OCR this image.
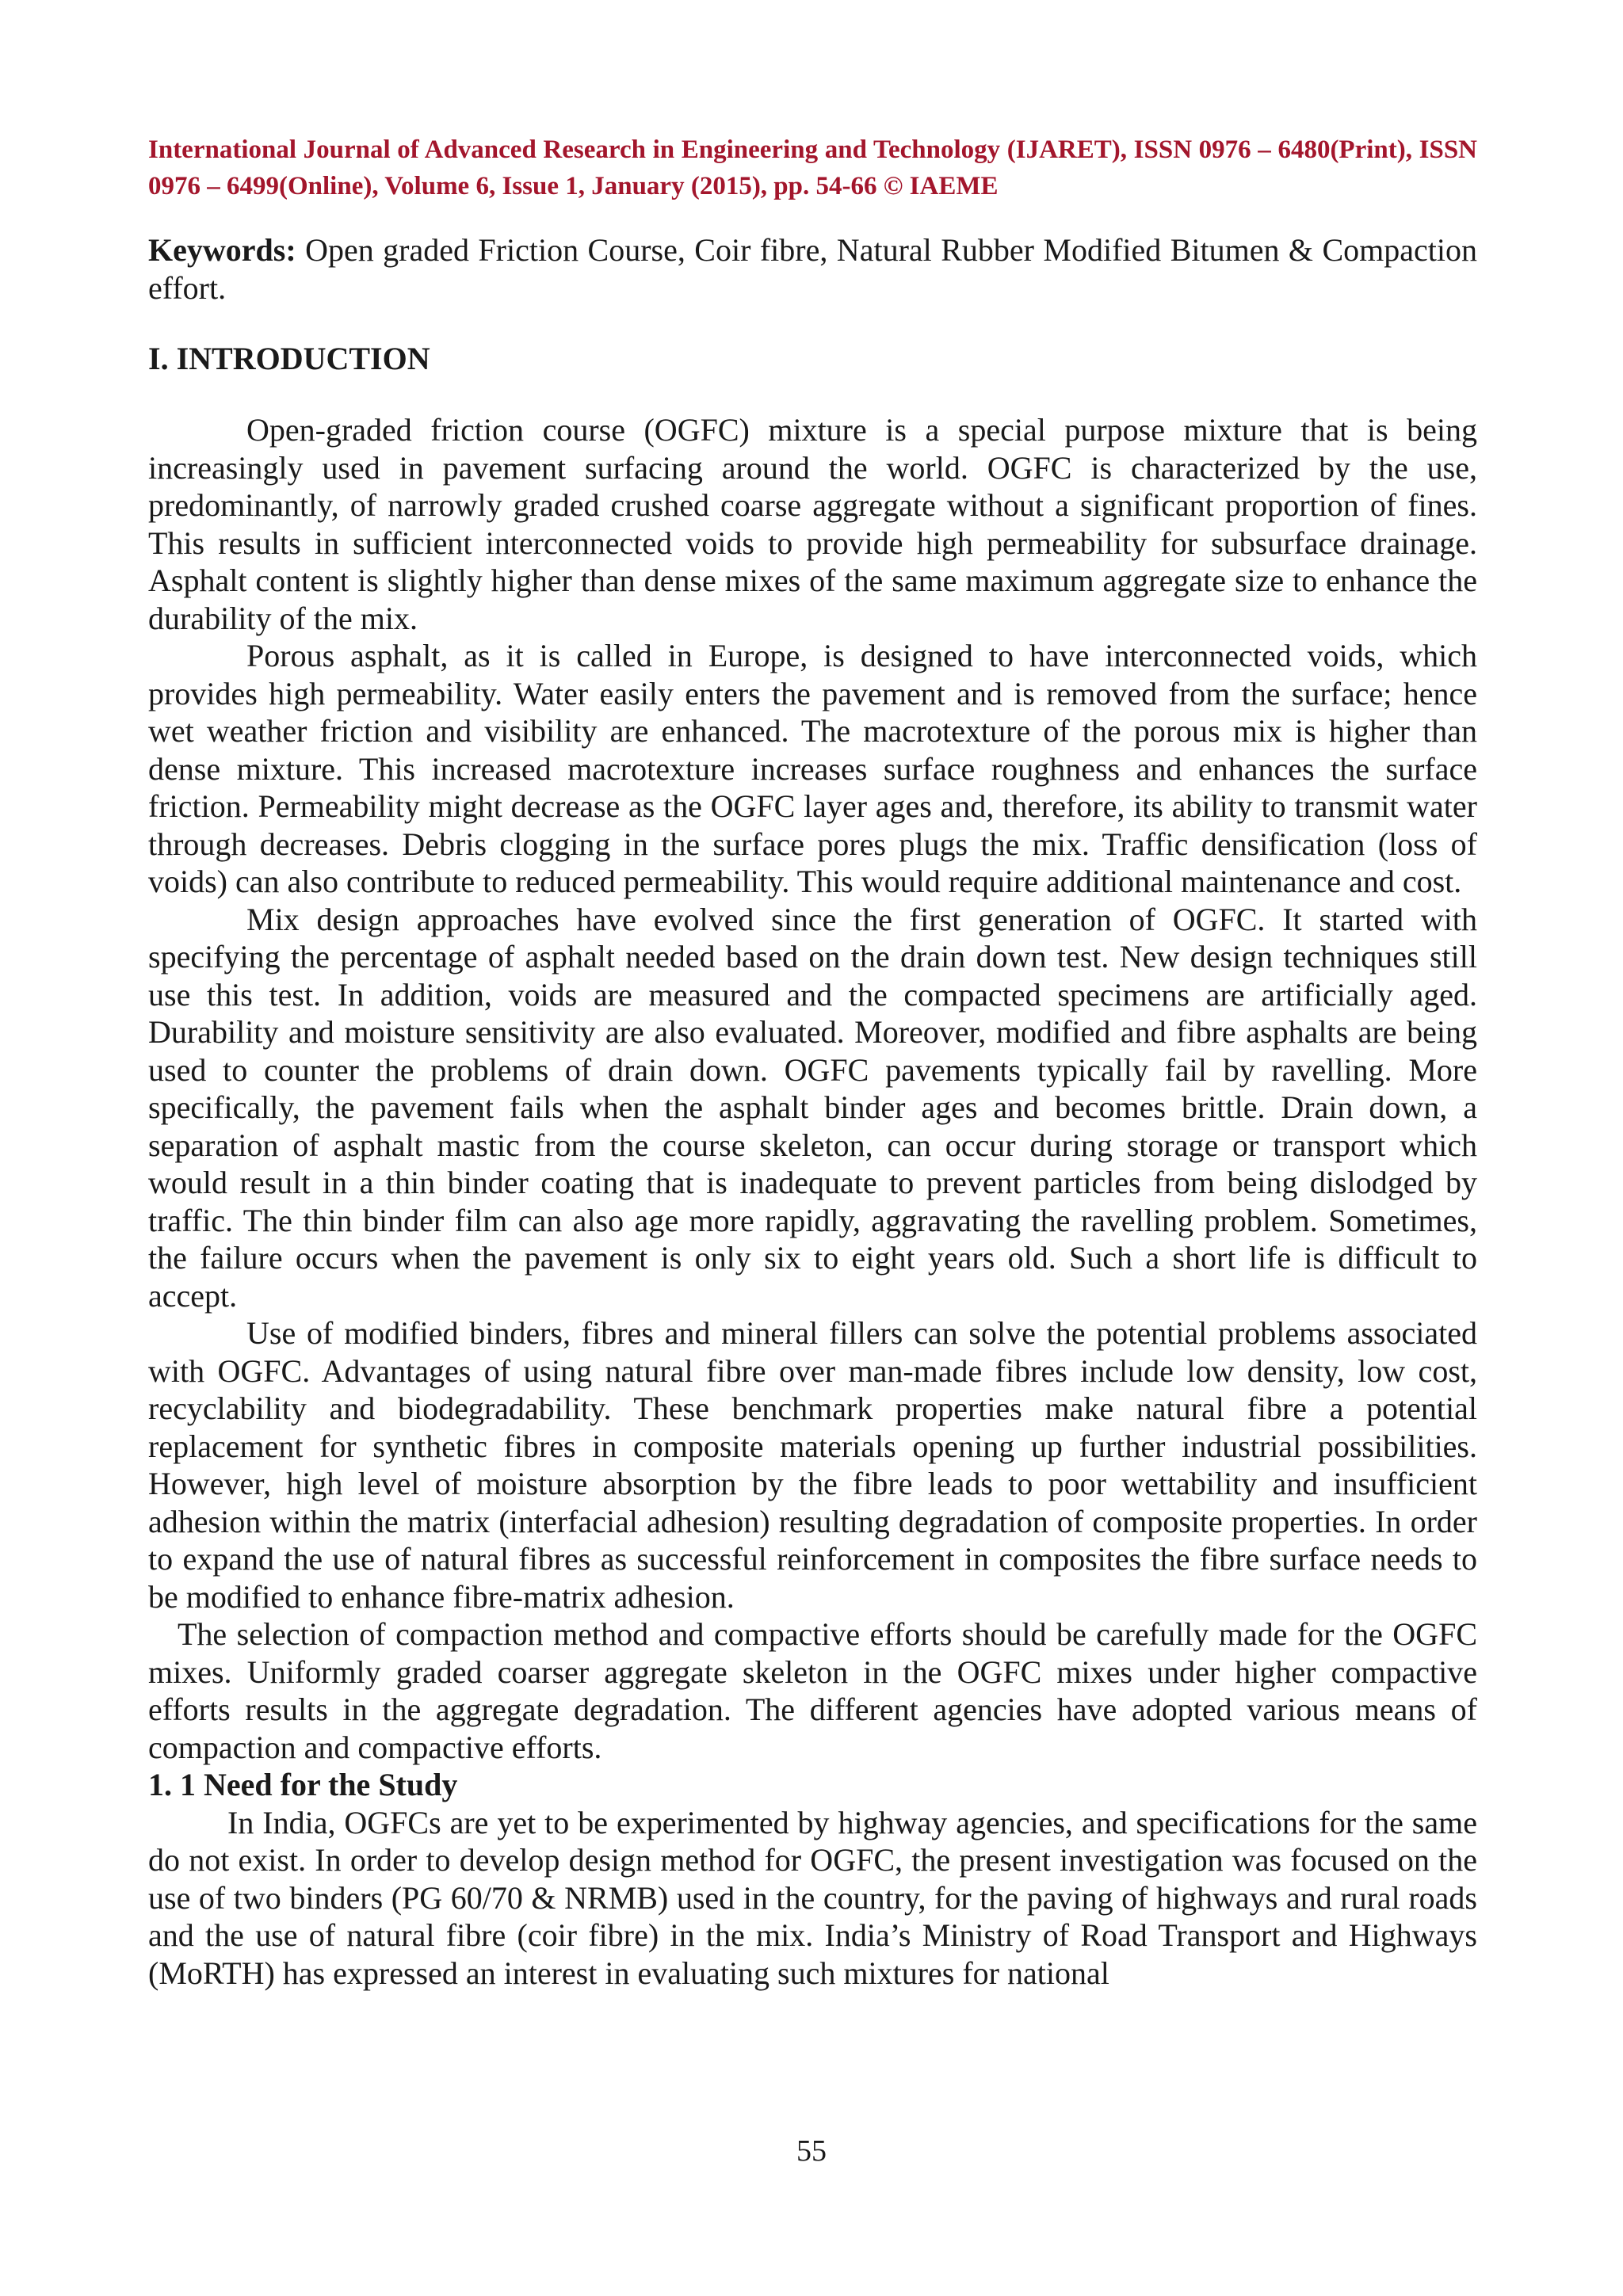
International Journal of Advanced Research in Engineering and Technology (IJARET), ISSN 0976 – 6480(Print), ISSN 0976 – 6499(Online), Volume 6, Issue 1, January (2015), pp. 54-66 © IAEME

Keywords: Open graded Friction Course, Coir fibre, Natural Rubber Modified Bitumen & Compaction effort.

I. INTRODUCTION

Open-graded friction course (OGFC) mixture is a special purpose mixture that is being increasingly used in pavement surfacing around the world. OGFC is characterized by the use, predominantly, of narrowly graded crushed coarse aggregate without a significant proportion of fines. This results in sufficient interconnected voids to provide high permeability for subsurface drainage. Asphalt content is slightly higher than dense mixes of the same maximum aggregate size to enhance the durability of the mix.

Porous asphalt, as it is called in Europe, is designed to have interconnected voids, which provides high permeability. Water easily enters the pavement and is removed from the surface; hence wet weather friction and visibility are enhanced. The macrotexture of the porous mix is higher than dense mixture. This increased macrotexture increases surface roughness and enhances the surface friction. Permeability might decrease as the OGFC layer ages and, therefore, its ability to transmit water through decreases. Debris clogging in the surface pores plugs the mix. Traffic densification (loss of voids) can also contribute to reduced permeability. This would require additional maintenance and cost.

Mix design approaches have evolved since the first generation of OGFC. It started with specifying the percentage of asphalt needed based on the drain down test. New design techniques still use this test. In addition, voids are measured and the compacted specimens are artificially aged. Durability and moisture sensitivity are also evaluated. Moreover, modified and fibre asphalts are being used to counter the problems of drain down. OGFC pavements typically fail by ravelling. More specifically, the pavement fails when the asphalt binder ages and becomes brittle. Drain down, a separation of asphalt mastic from the course skeleton, can occur during storage or transport which would result in a thin binder coating that is inadequate to prevent particles from being dislodged by traffic. The thin binder film can also age more rapidly, aggravating the ravelling problem. Sometimes, the failure occurs when the pavement is only six to eight years old. Such a short life is difficult to accept.

Use of modified binders, fibres and mineral fillers can solve the potential problems associated with OGFC. Advantages of using natural fibre over man-made fibres include low density, low cost, recyclability and biodegradability. These benchmark properties make natural fibre a potential replacement for synthetic fibres in composite materials opening up further industrial possibilities. However, high level of moisture absorption by the fibre leads to poor wettability and insufficient adhesion within the matrix (interfacial adhesion) resulting degradation of composite properties. In order to expand the use of natural fibres as successful reinforcement in composites the fibre surface needs to be modified to enhance fibre-matrix adhesion.

The selection of compaction method and compactive efforts should be carefully made for the OGFC mixes. Uniformly graded coarser aggregate skeleton in the OGFC mixes under higher compactive efforts results in the aggregate degradation. The different agencies have adopted various means of compaction and compactive efforts.

1. 1 Need for the Study

In India, OGFCs are yet to be experimented by highway agencies, and specifications for the same do not exist. In order to develop design method for OGFC, the present investigation was focused on the use of two binders (PG 60/70 & NRMB) used in the country, for the paving of highways and rural roads and the use of natural fibre (coir fibre) in the mix. India’s Ministry of Road Transport and Highways (MoRTH) has expressed an interest in evaluating such mixtures for national

55
